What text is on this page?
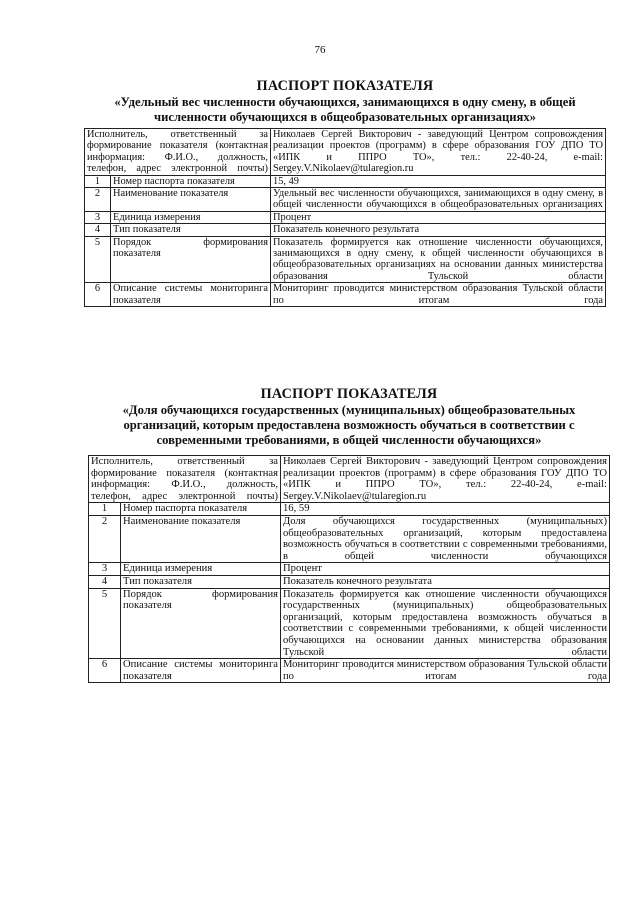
76
ПАСПОРТ ПОКАЗАТЕЛЯ
«Удельный вес численности обучающихся, занимающихся в одну смену, в общей численности обучающихся в общеобразовательных организациях»
Исполнитель, ответственный за формирование показателя (контактная информация: Ф.И.О., должность, телефон, адрес электронной почты)		Николаев Сергей Викторович - заведующий Центром сопровождения реализации проектов (программ) в сфере образования ГОУ ДПО ТО «ИПК и ППРО ТО», тел.: 22-40-24, e-mail: Sergey.V.Nikolaev@tularegion.ru
1	Номер паспорта показателя	15, 49
2	Наименование показателя	Удельный вес численности обучающихся, занимающихся в одну смену, в общей численности обучающихся в общеобразовательных организациях
3	Единица измерения	Процент
4	Тип показателя	Показатель конечного результата
5	Порядок формирования показателя	Показатель формируется как отношение численности обучающихся, занимающихся в одну смену, к общей численности обучающихся в общеобразовательных организациях на основании данных министерства образования Тульской области
6	Описание системы мониторинга показателя	Мониторинг проводится министерством образования Тульской области по итогам года
ПАСПОРТ ПОКАЗАТЕЛЯ
«Доля обучающихся государственных (муниципальных) общеобразовательных организаций, которым предоставлена возможность обучаться в соответствии с современными требованиями, в общей численности обучающихся»
Исполнитель, ответственный за формирование показателя (контактная информация: Ф.И.О., должность, телефон, адрес электронной почты)		Николаев Сергей Викторович - заведующий Центром сопровождения реализации проектов (программ) в сфере образования ГОУ ДПО ТО «ИПК и ППРО ТО», тел.: 22-40-24, e-mail: Sergey.V.Nikolaev@tularegion.ru
1	Номер паспорта показателя	16, 59
2	Наименование показателя	Доля обучающихся государственных (муниципальных) общеобразовательных организаций, которым предоставлена возможность обучаться в соответствии с современными требованиями, в общей численности обучающихся
3	Единица измерения	Процент
4	Тип показателя	Показатель конечного результата
5	Порядок формирования показателя	Показатель формируется как отношение численности обучающихся государственных (муниципальных) общеобразовательных организаций, которым предоставлена возможность обучаться в соответствии с современными требованиями, к общей численности обучающихся на основании данных министерства образования Тульской области
6	Описание системы мониторинга показателя	Мониторинг проводится министерством образования Тульской области по итогам года
